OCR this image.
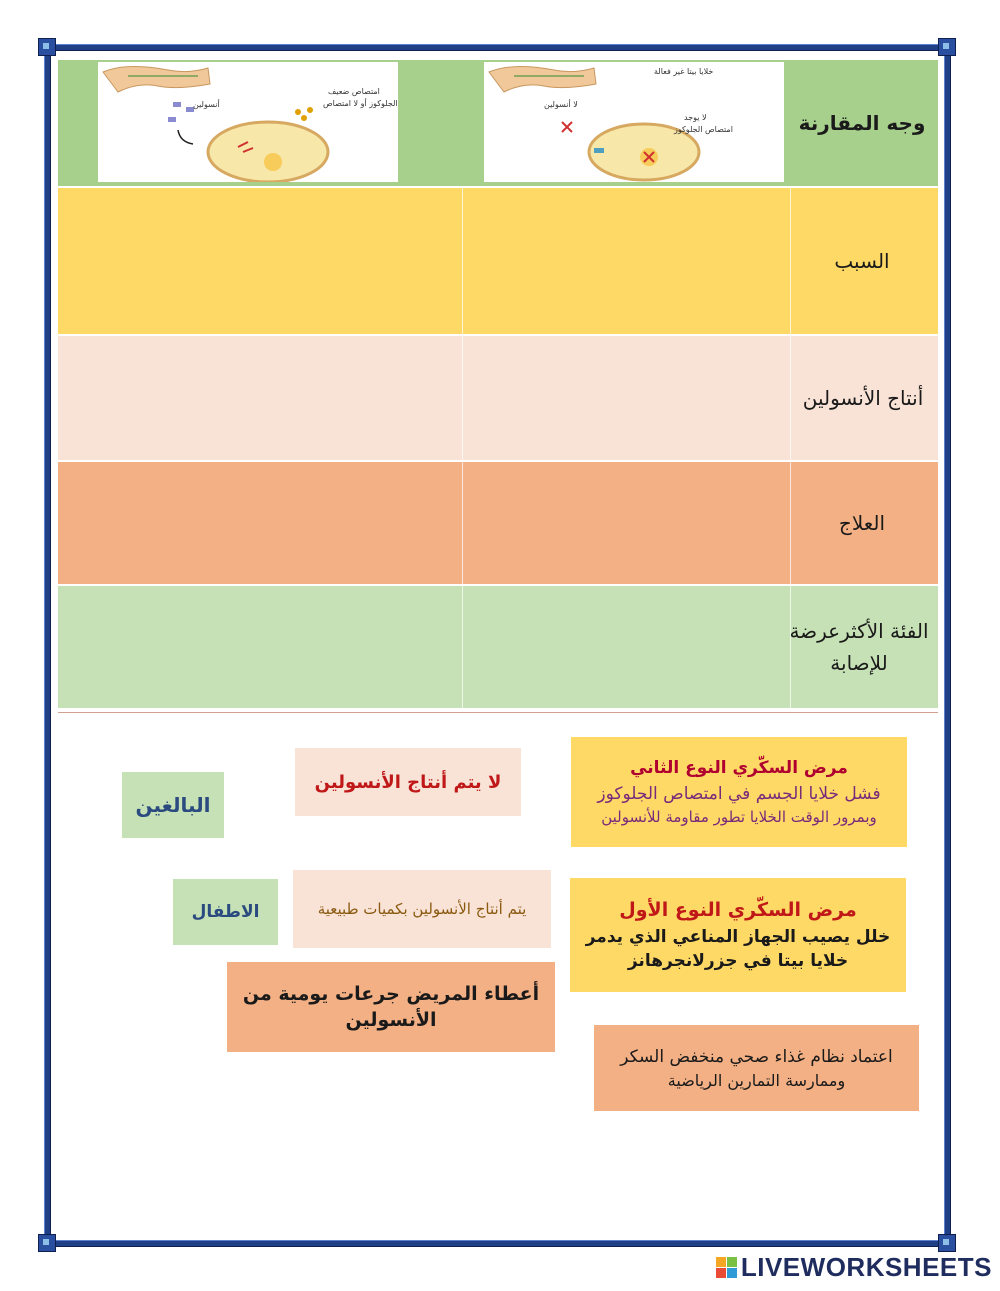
امتصاص ضعيف
الجلوكوز أو لا امتصاص
أنسولين
خلايا بيتا غير فعالة
لا أنسولين
لا يوجد
امتصاص الجلوكوز	وجه المقارنة
السبب
أنتاج الأنسولين
العلاج
الفئة الأكثرعرضة
للإصابة
مرض السكّري النوع الثاني
فشل خلايا الجسم في امتصاص الجلوكوز
وبمرور الوقت الخلايا تطور مقاومة للأنسولين
لا يتم أنتاج الأنسولين
البالغين
مرض السكّري النوع الأول
خلل يصيب الجهاز المناعي الذي يدمر
خلايا بيتا في جزرلانجرهانز
يتم أنتاج الأنسولين بكميات طبيعية
الاطفال
أعطاء المريض جرعات يومية من
الأنسولين
اعتماد نظام غذاء صحي منخفض السكر
وممارسة التمارين الرياضية
LIVEWORKSHEETS
